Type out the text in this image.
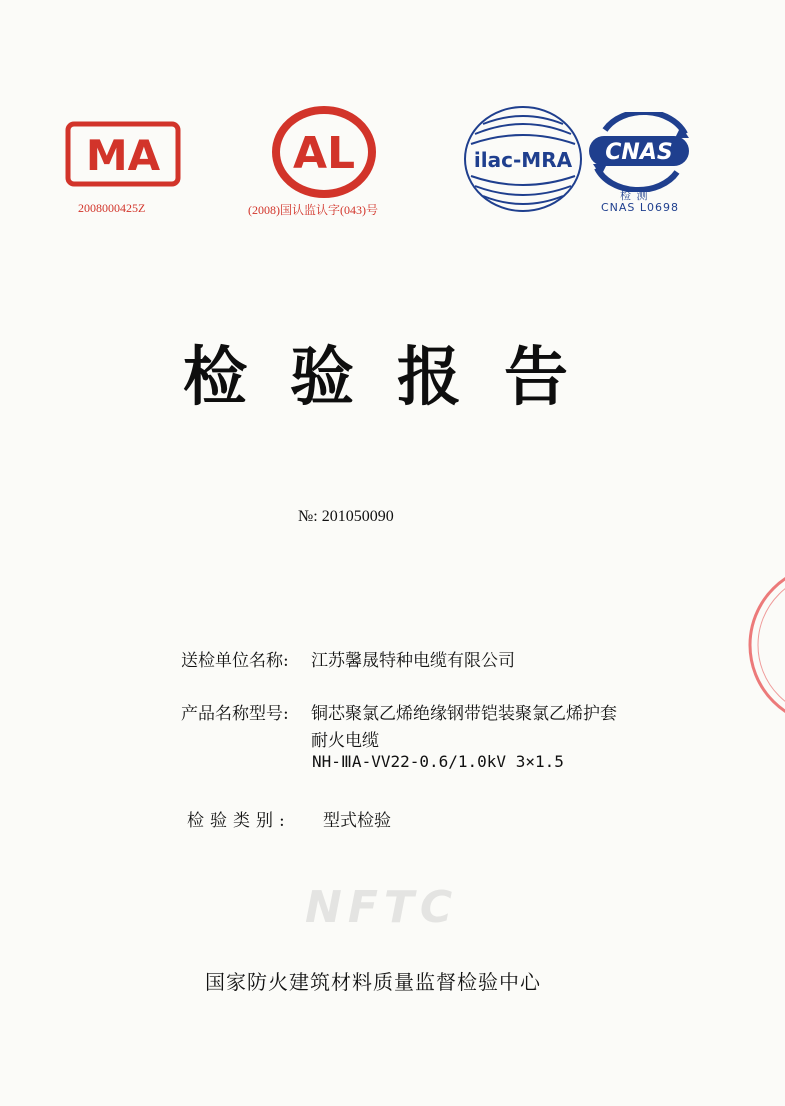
MA
2008000425Z
AL
(2008)国认监认字(043)号
ilac-MRA CNAS
检 测
CNAS L0698
检验报告
№: 201050090
送检单位名称: 江苏馨晟特种电缆有限公司
产品名称型号: 铜芯聚氯乙烯绝缘钢带铠装聚氯乙烯护套
耐火电缆
NH-ⅢA-VV22-0.6/1.0kV 3×1.5
检验类别: 型式检验
NFTC
国家防火建筑材料质量监督检验中心
